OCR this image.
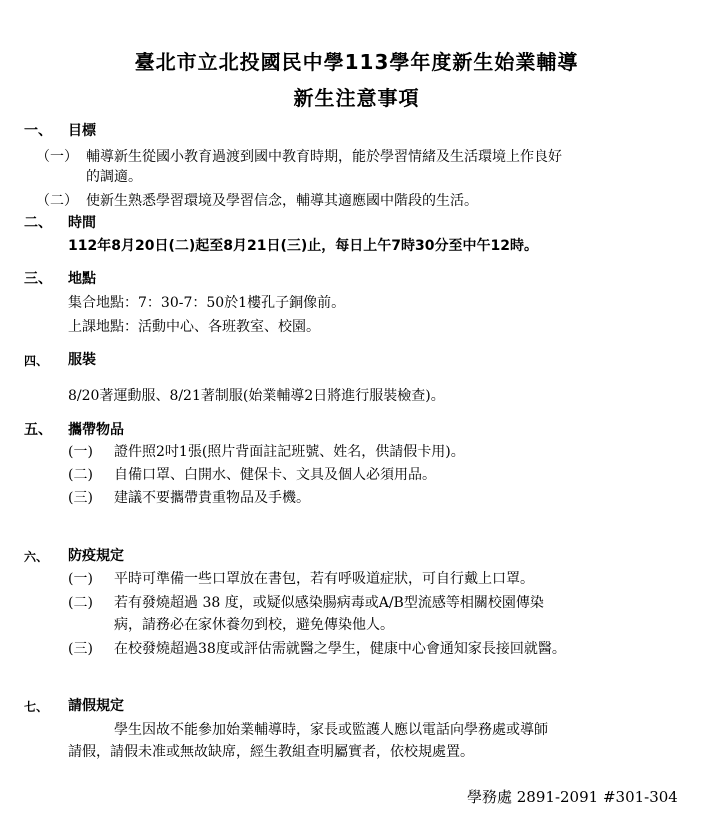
臺北市立北投國民中學113學年度新生始業輔導
新生注意事項
一、 目標
（一） 輔導新生從國小教育過渡到國中教育時期，能於學習情緒及生活環境上作良好
的調適。
（二） 使新生熟悉學習環境及學習信念，輔導其適應國中階段的生活。
二、 時間
112年8月20日(二)起至8月21日(三)止，每日上午7時30分至中午12時。
三、 地點
集合地點：7：30-7：50於1樓孔子銅像前。
上課地點：活動中心、各班教室、校園。
四、 服裝
8/20著運動服、8/21著制服(始業輔導2日將進行服裝檢查)。
五、 攜帶物品
(一) 證件照2吋1張(照片背面註記班號、姓名，供請假卡用)。
(二) 自備口罩、白開水、健保卡、文具及個人必須用品。
(三) 建議不要攜帶貴重物品及手機。
六、 防疫規定
(一) 平時可準備一些口罩放在書包，若有呼吸道症狀，可自行戴上口罩。
(二) 若有發燒超過 38 度，或疑似感染腸病毒或A/B型流感等相關校園傳染
病，請務必在家休養勿到校，避免傳染他人。
(三) 在校發燒超過38度或評估需就醫之學生，健康中心會通知家長接回就醫。
七、 請假規定
學生因故不能參加始業輔導時，家長或監護人應以電話向學務處或導師
請假，請假未准或無故缺席，經生教組查明屬實者，依校規處置。
學務處 2891-2091 #301-304
